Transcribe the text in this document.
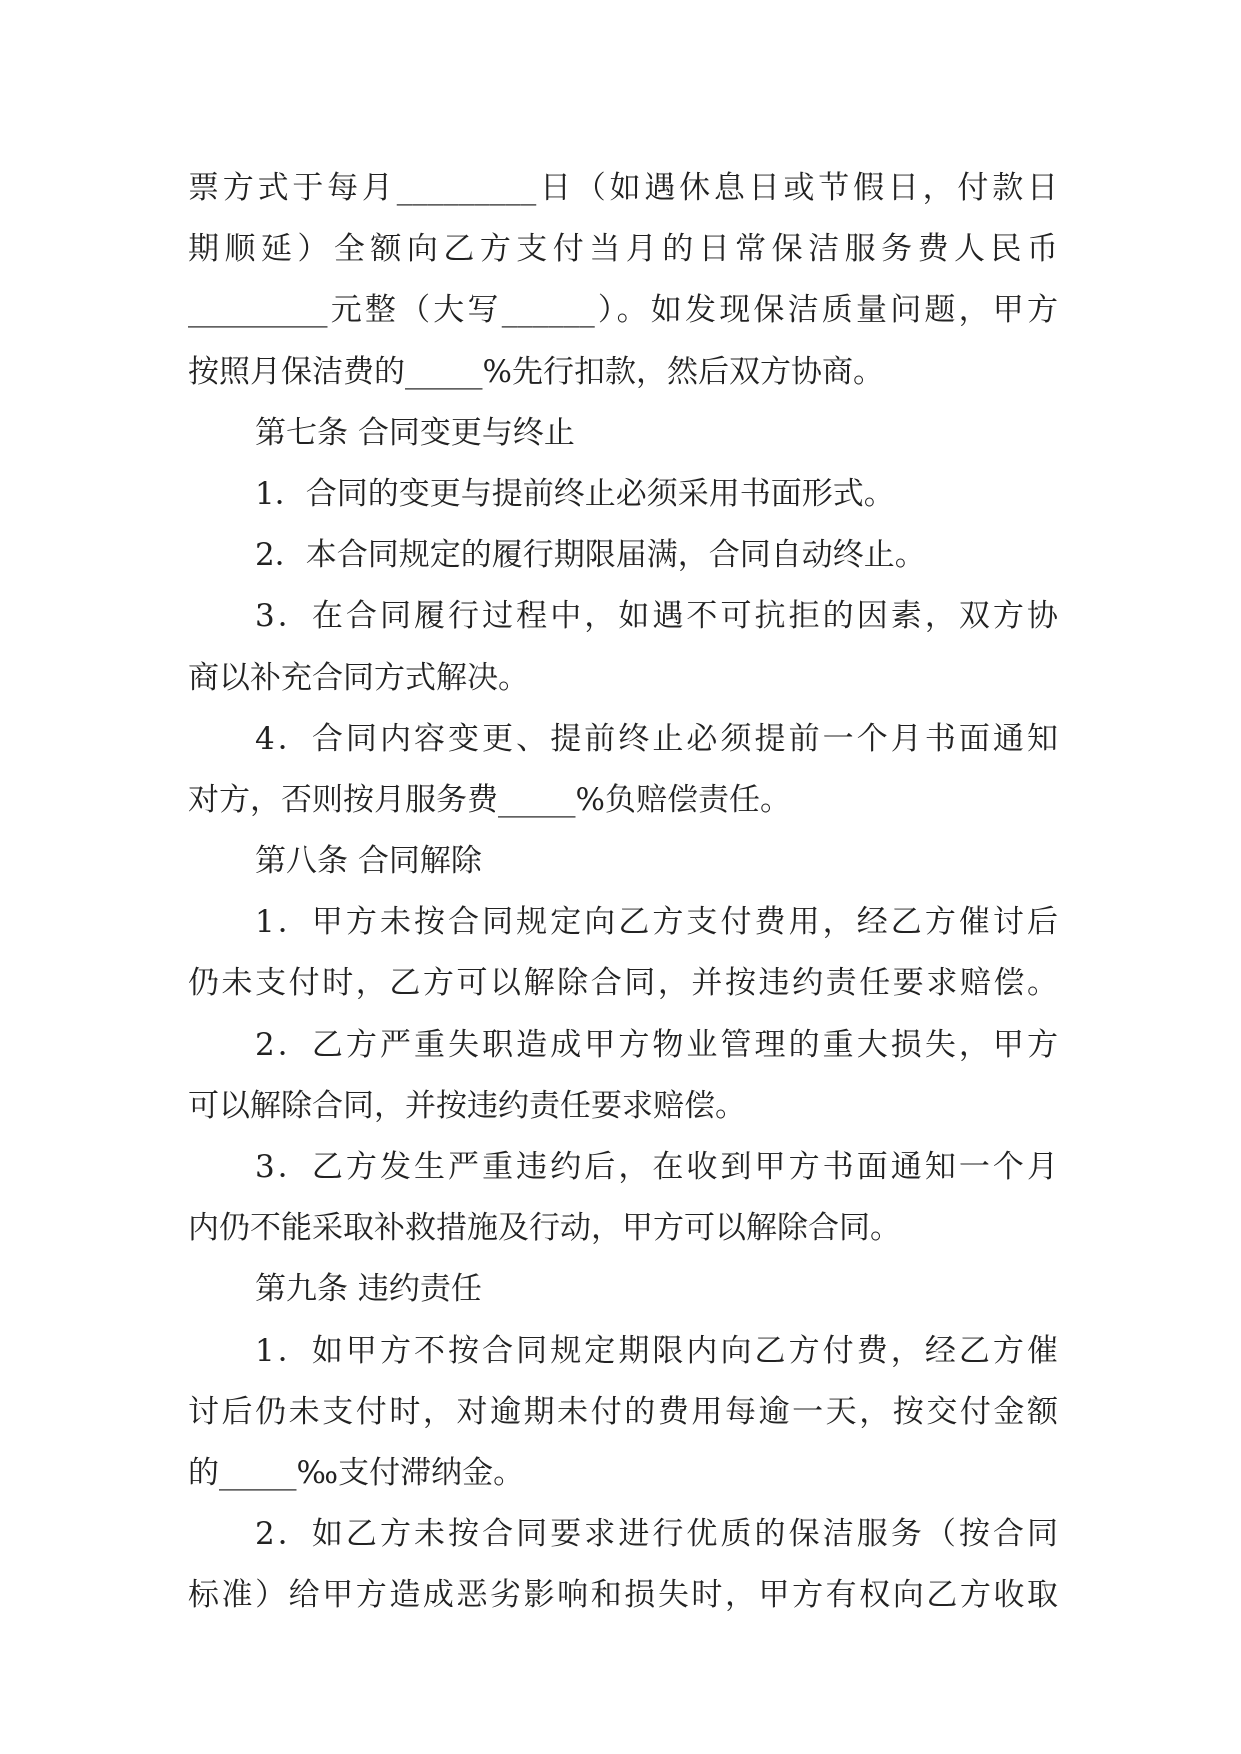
票方式于每月_________日（如遇休息日或节假日，付款日
期顺延）全额向乙方支付当月的日常保洁服务费人民币
_________元整（大写______）。如发现保洁质量问题，甲方
按照月保洁费的_____%先行扣款，然后双方协商。
第七条 合同变更与终止
1．合同的变更与提前终止必须采用书面形式。
2．本合同规定的履行期限届满，合同自动终止。
3．在合同履行过程中，如遇不可抗拒的因素，双方协
商以补充合同方式解决。
4．合同内容变更、提前终止必须提前一个月书面通知
对方，否则按月服务费_____%负赔偿责任。
第八条 合同解除
1．甲方未按合同规定向乙方支付费用，经乙方催讨后
仍未支付时，乙方可以解除合同，并按违约责任要求赔偿。
2．乙方严重失职造成甲方物业管理的重大损失，甲方
可以解除合同，并按违约责任要求赔偿。
3．乙方发生严重违约后，在收到甲方书面通知一个月
内仍不能采取补救措施及行动，甲方可以解除合同。
第九条 违约责任
1．如甲方不按合同规定期限内向乙方付费，经乙方催
讨后仍未支付时，对逾期未付的费用每逾一天，按交付金额
的_____‰支付滞纳金。
2．如乙方未按合同要求进行优质的保洁服务（按合同
标准）给甲方造成恶劣影响和损失时，甲方有权向乙方收取
